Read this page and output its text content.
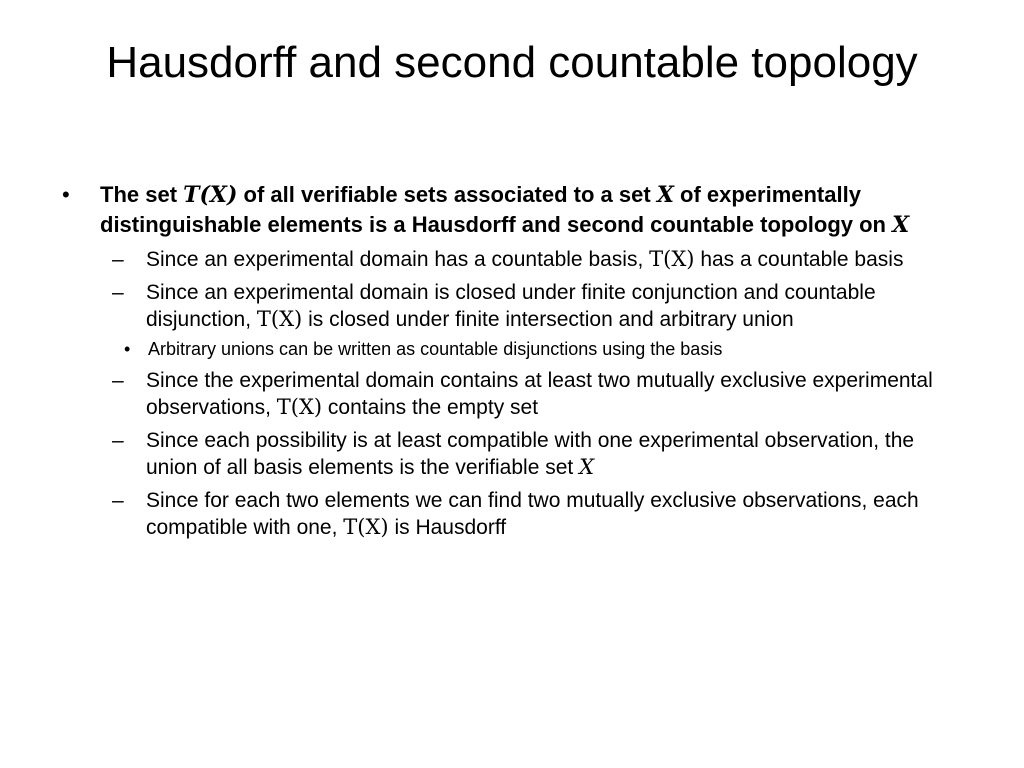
Hausdorff and second countable topology
• The set T(X) of all verifiable sets associated to a set X of experimentally distinguishable elements is a Hausdorff and second countable topology on X
– Since an experimental domain has a countable basis, T(X) has a countable basis
– Since an experimental domain is closed under finite conjunction and countable disjunction, T(X) is closed under finite intersection and arbitrary union
• Arbitrary unions can be written as countable disjunctions using the basis
– Since the experimental domain contains at least two mutually exclusive experimental observations, T(X) contains the empty set
– Since each possibility is at least compatible with one experimental observation, the union of all basis elements is the verifiable set X
– Since for each two elements we can find two mutually exclusive observations, each compatible with one, T(X) is Hausdorff
